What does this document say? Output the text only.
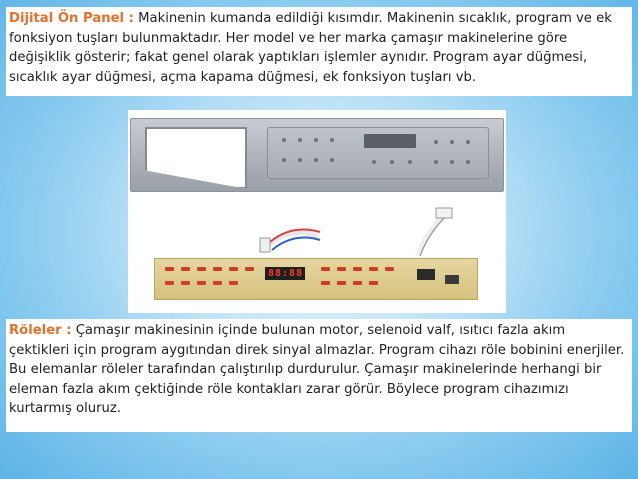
Dijital Ön Panel : Makinenin kumanda edildiği kısımdır. Makinenin sıcaklık, program ve ek fonksiyon tuşları bulunmaktadır. Her model ve her marka çamaşır makinelerine göre değişiklik gösterir; fakat genel olarak yaptıkları işlemler aynıdır. Program ayar düğmesi, sıcaklık ayar düğmesi, açma kapama düğmesi, ek fonksiyon tuşları vb.
88:88
Röleler : Çamaşır makinesinin içinde bulunan motor, selenoid valf, ısıtıcı fazla akım çektikleri için program aygıtından direk sinyal almazlar. Program cihazı röle bobinini enerjiler. Bu elemanlar röleler tarafından çalıştırılıp durdurulur. Çamaşır makinelerinde herhangi bir eleman fazla akım çektiğinde röle kontakları zarar görür. Böylece program cihazımızı kurtarmış oluruz.
